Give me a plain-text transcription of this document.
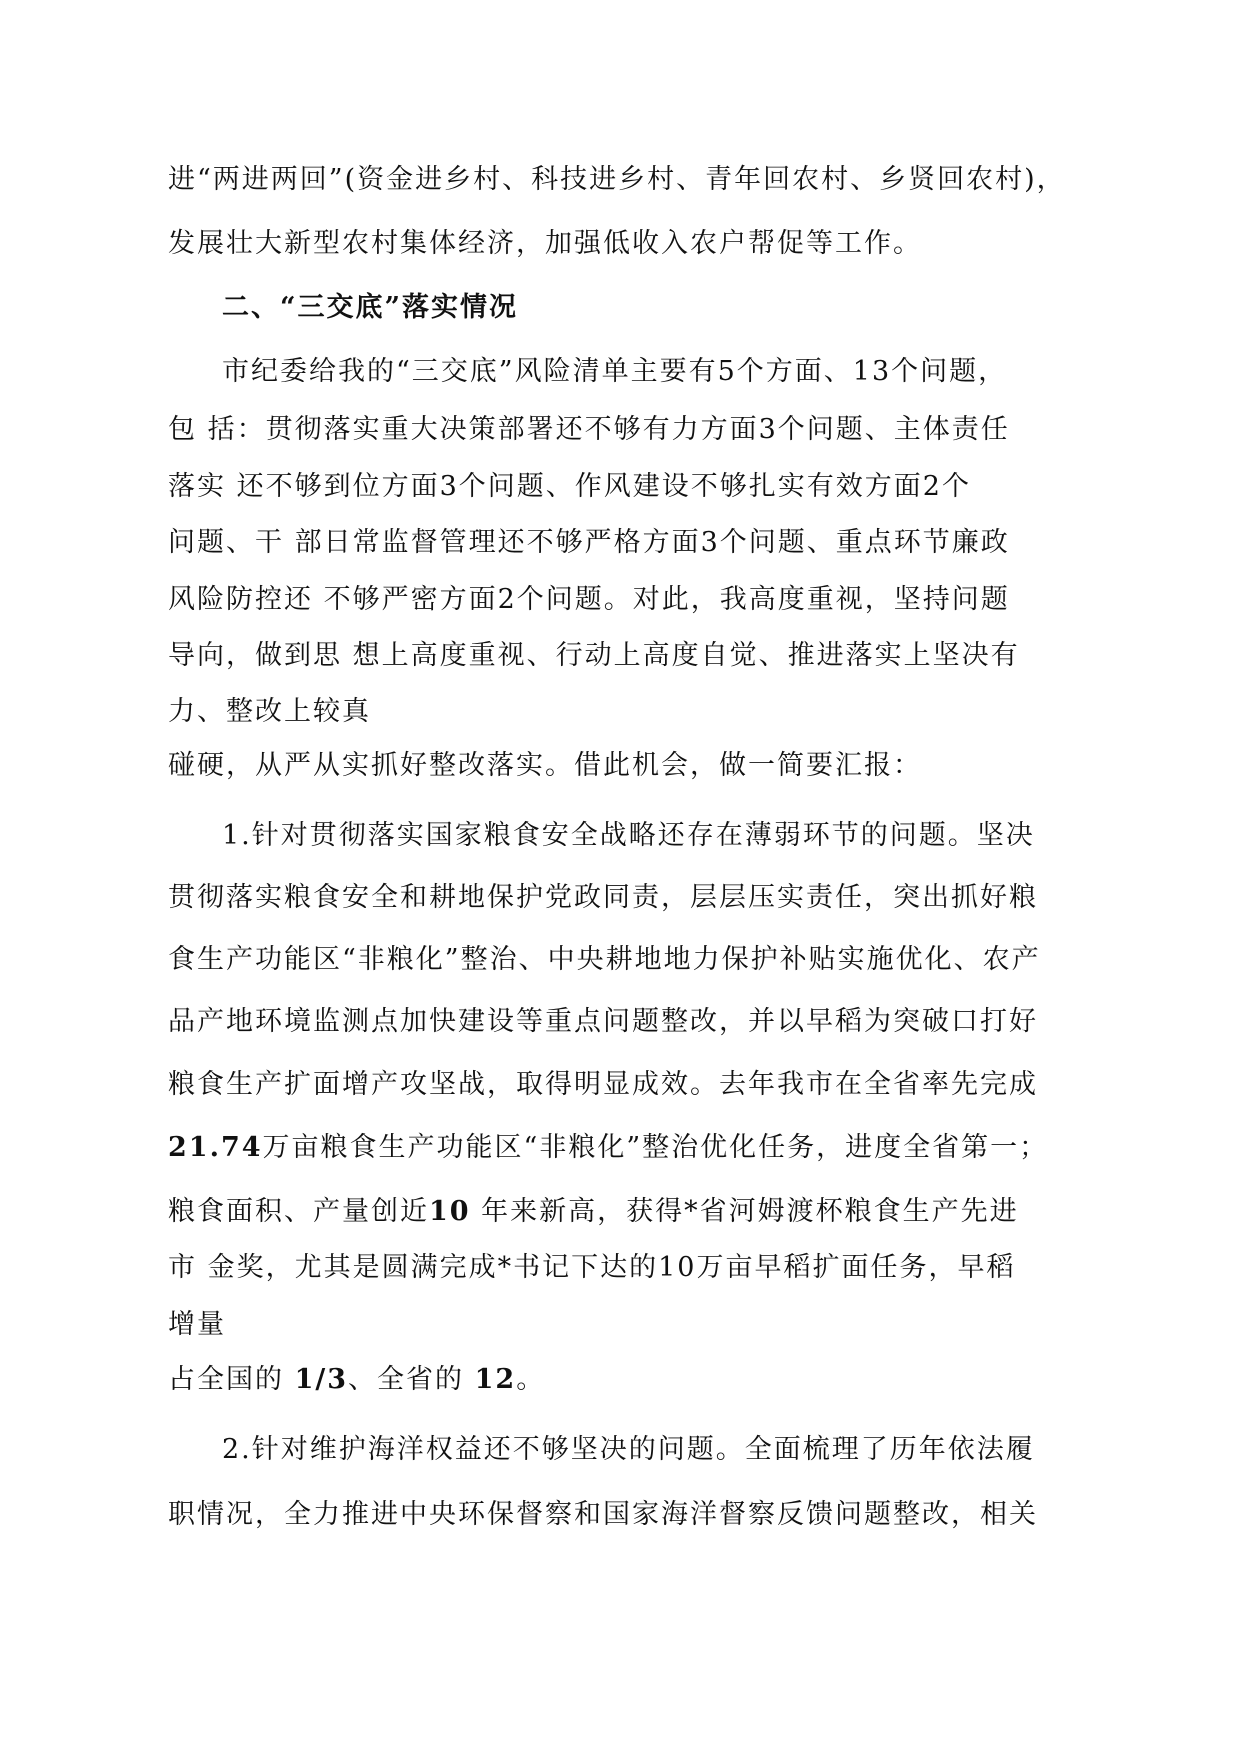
进“两进两回”(资金进乡村、科技进乡村、青年回农村、乡贤回农村)，
发展壮大新型农村集体经济，加强低收入农户帮促等工作。
二、“三交底”落实情况
市纪委给我的“三交底”风险清单主要有5个方面、13个问题，
包 括：贯彻落实重大决策部署还不够有力方面3个问题、主体责任
落实 还不够到位方面3个问题、作风建设不够扎实有效方面2个
问题、干 部日常监督管理还不够严格方面3个问题、重点环节廉政
风险防控还 不够严密方面2个问题。对此，我高度重视，坚持问题
导向，做到思 想上高度重视、行动上高度自觉、推进落实上坚决有
力、整改上较真
碰硬，从严从实抓好整改落实。借此机会，做一简要汇报：
1.针对贯彻落实国家粮食安全战略还存在薄弱环节的问题。坚决
贯彻落实粮食安全和耕地保护党政同责，层层压实责任，突出抓好粮
食生产功能区“非粮化”整治、中央耕地地力保护补贴实施优化、农产
品产地环境监测点加快建设等重点问题整改，并以早稻为突破口打好
粮食生产扩面增产攻坚战，取得明显成效。去年我市在全省率先完成
21.74万亩粮食生产功能区“非粮化”整治优化任务，进度全省第一；
粮食面积、产量创近10 年来新高，获得*省河姆渡杯粮食生产先进
市 金奖，尤其是圆满完成*书记下达的10万亩早稻扩面任务，早稻
增量
占全国的 1/3、全省的 12。
2.针对维护海洋权益还不够坚决的问题。全面梳理了历年依法履
职情况，全力推进中央环保督察和国家海洋督察反馈问题整改，相关
